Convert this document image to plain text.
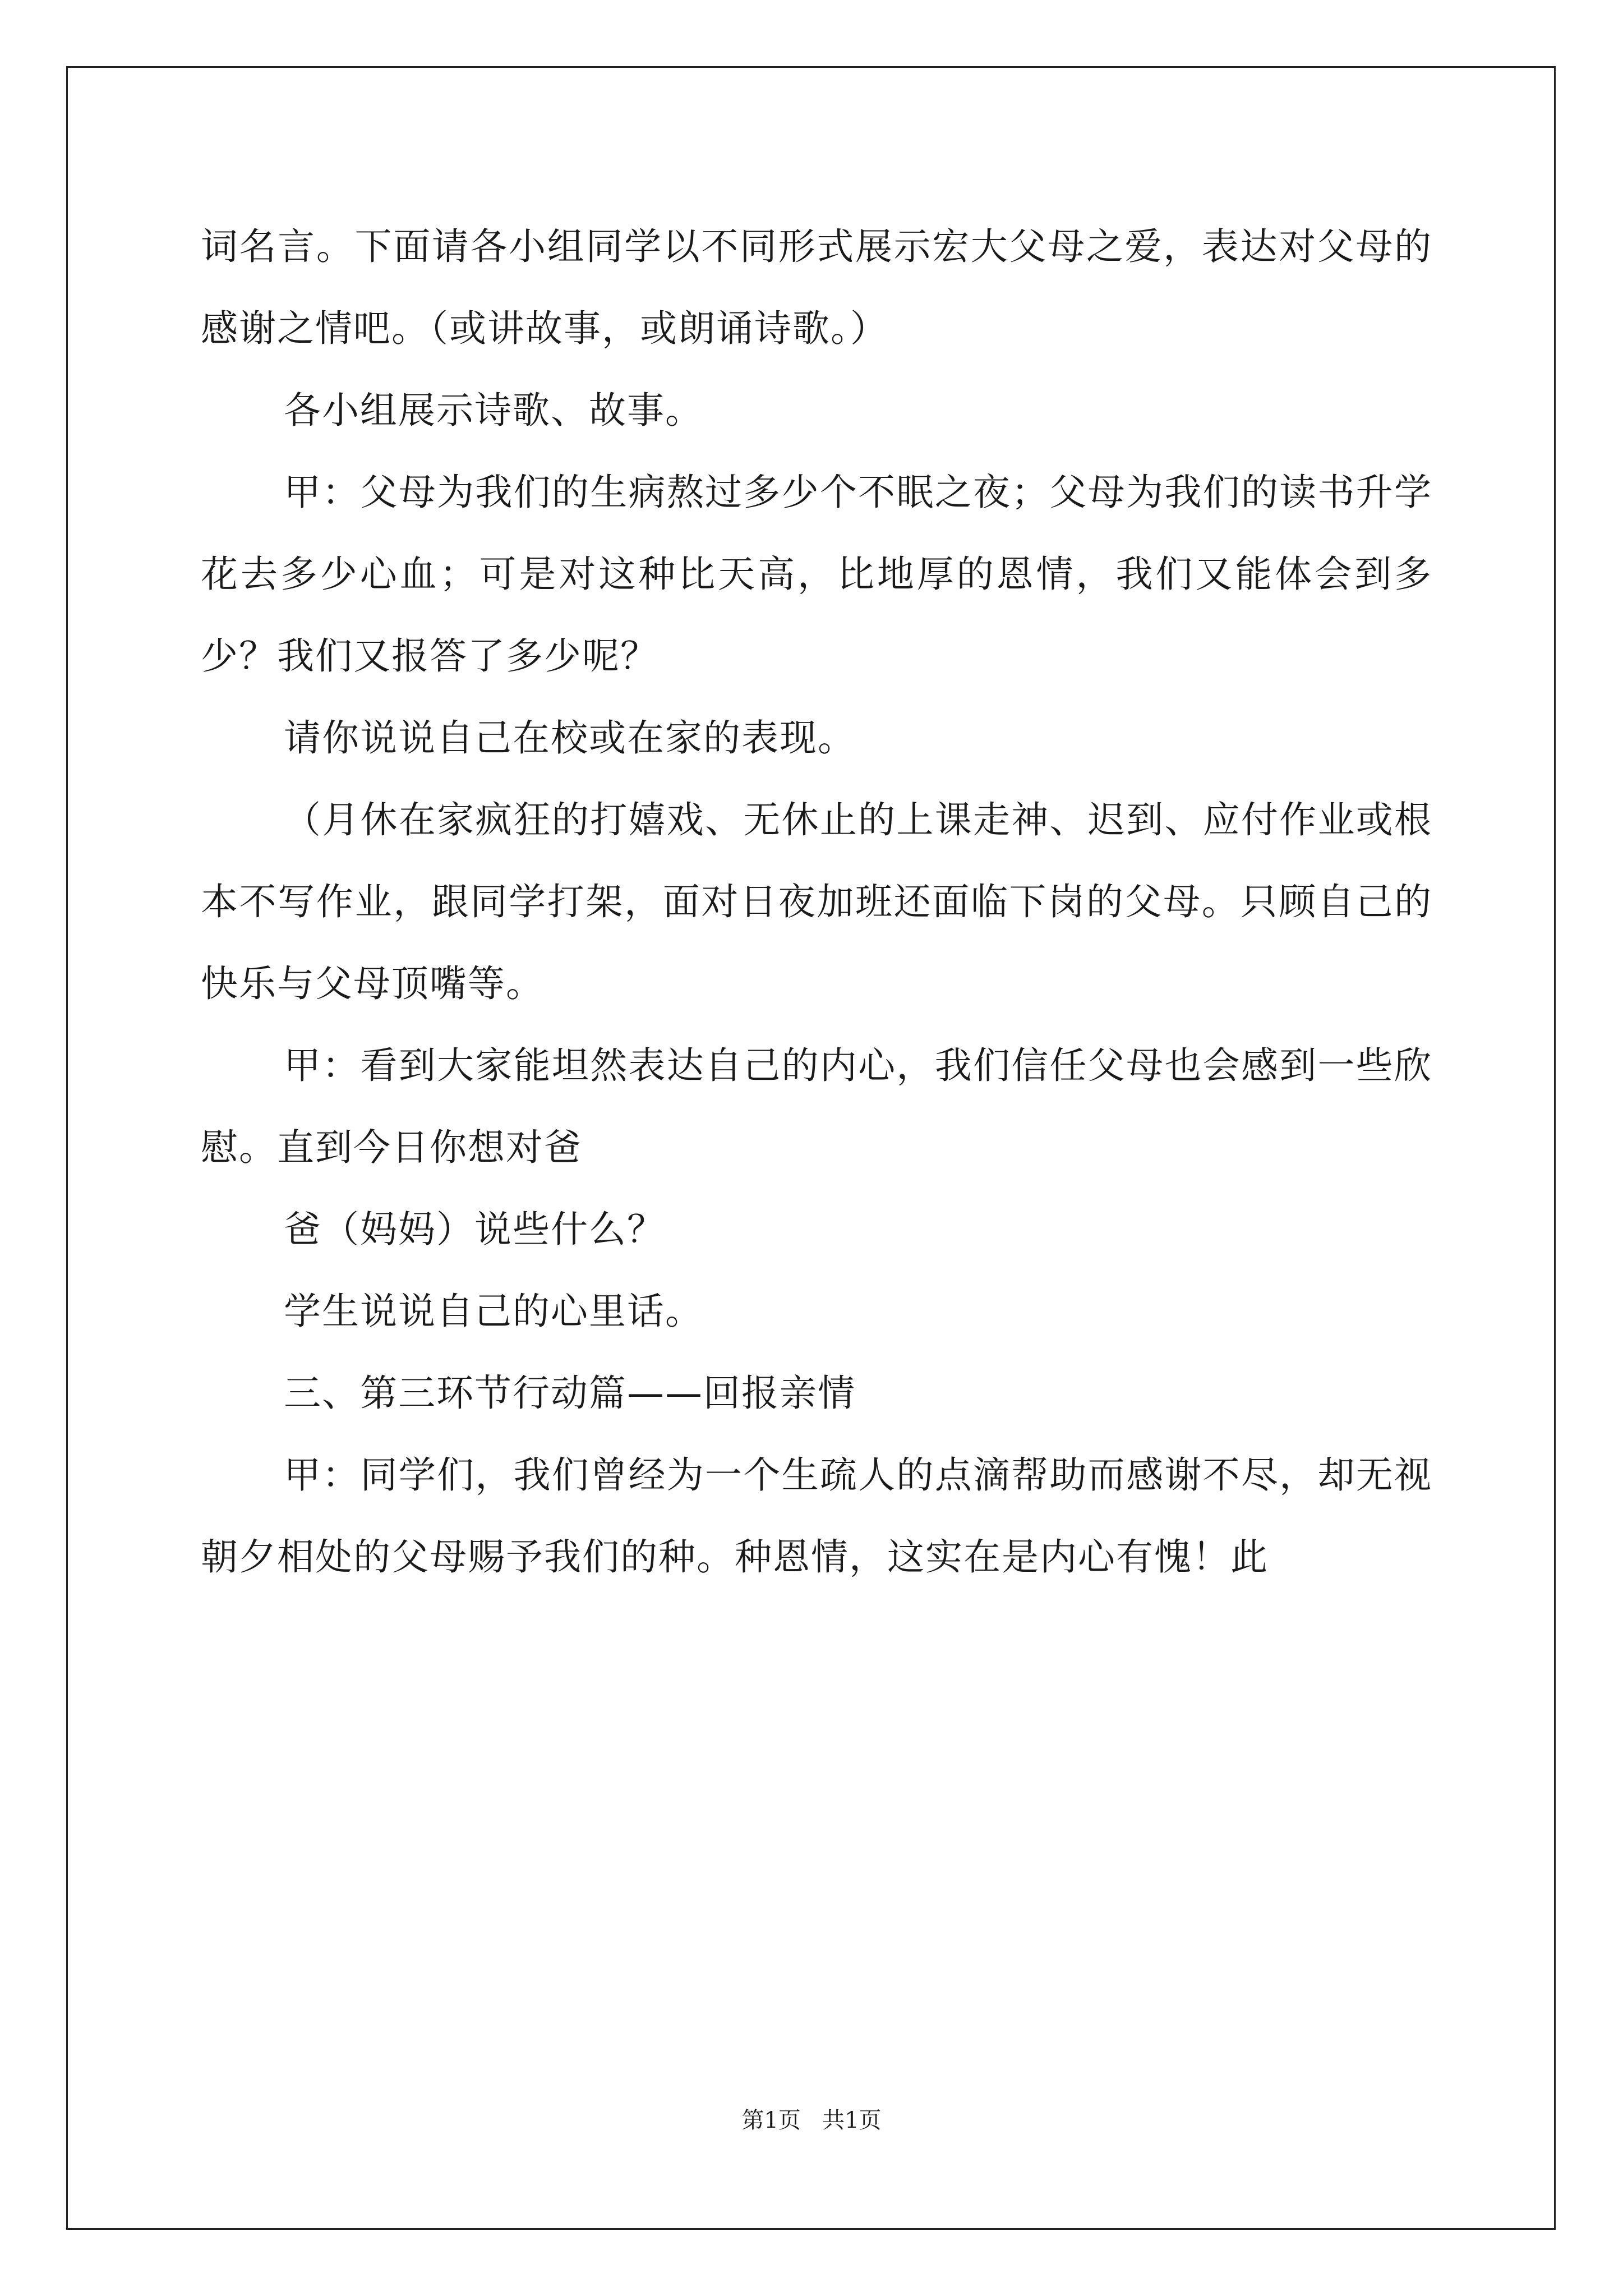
词名言。下面请各小组同学以不同形式展示宏大父母之爱，表达对父母的感谢之情吧。（或讲故事，或朗诵诗歌。）

各小组展示诗歌、故事。

甲：父母为我们的生病熬过多少个不眠之夜；父母为我们的读书升学花去多少心血；可是对这种比天高，比地厚的恩情，我们又能体会到多少？我们又报答了多少呢？

请你说说自己在校或在家的表现。

（月休在家疯狂的打嬉戏、无休止的上课走神、迟到、应付作业或根本不写作业，跟同学打架，面对日夜加班还面临下岗的父母。只顾自己的快乐与父母顶嘴等。

甲：看到大家能坦然表达自己的内心，我们信任父母也会感到一些欣慰。直到今日你想对爸

爸（妈妈）说些什么？

学生说说自己的心里话。

三、第三环节行动篇——回报亲情

甲：同学们，我们曾经为一个生疏人的点滴帮助而感谢不尽，却无视朝夕相处的父母赐予我们的种。种恩情，这实在是内心有愧！此

第1页 共1页
